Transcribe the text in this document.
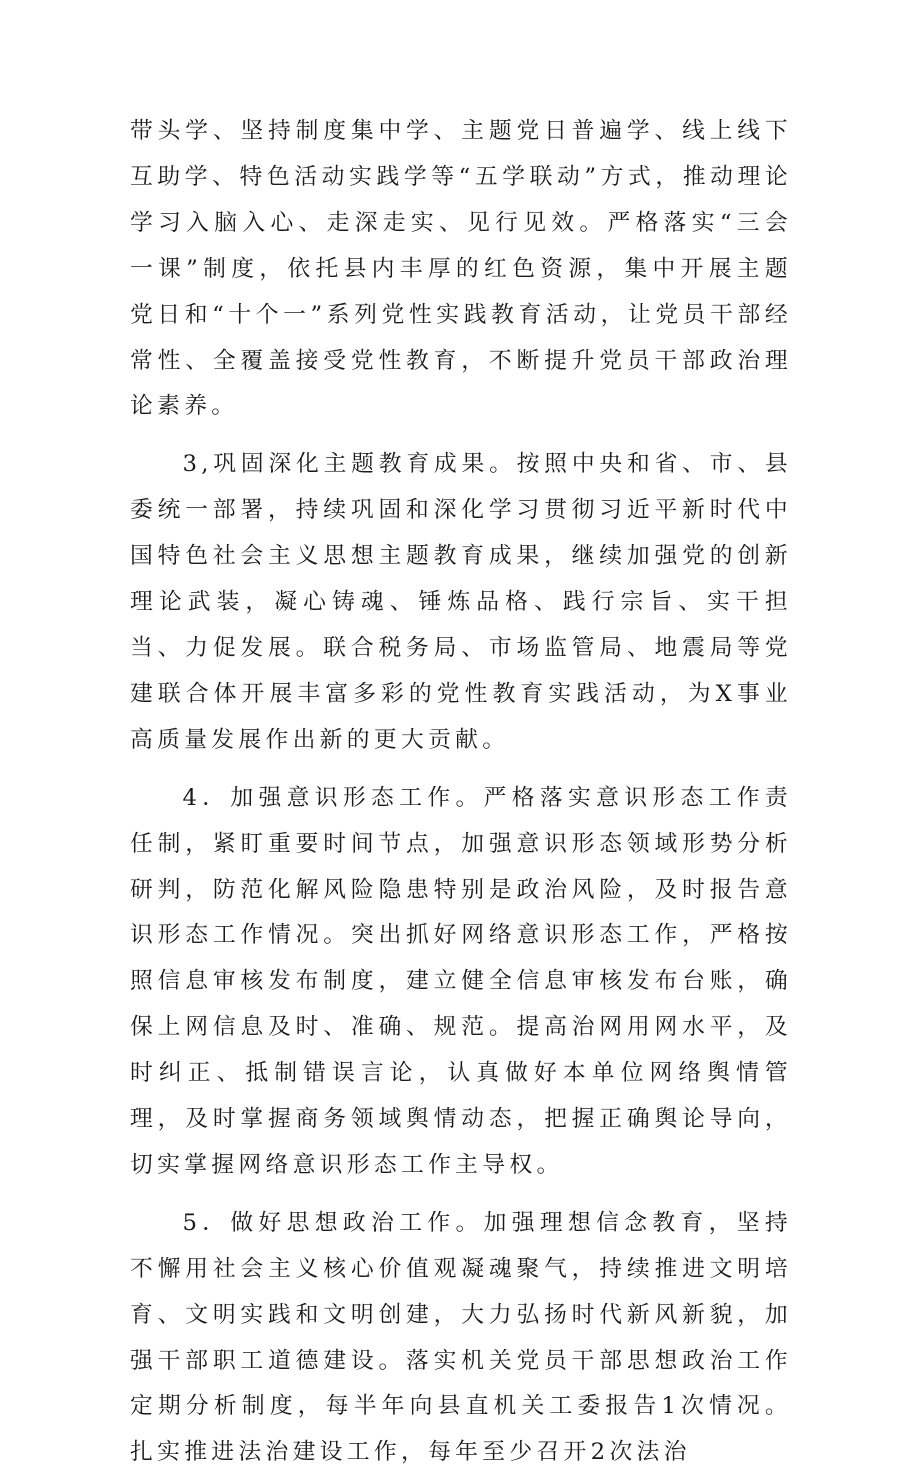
带头学、坚持制度集中学、主题党日普遍学、线上线下互助学、特色活动实践学等“五学联动”方式，推动理论学习入脑入心、走深走实、见行见效。严格落实“三会一课”制度，依托县内丰厚的红色资源，集中开展主题党日和“十个一”系列党性实践教育活动，让党员干部经常性、全覆盖接受党性教育，不断提升党员干部政治理论素养。

3,巩固深化主题教育成果。按照中央和省、市、县委统一部署，持续巩固和深化学习贯彻习近平新时代中国特色社会主义思想主题教育成果，继续加强党的创新理论武装，凝心铸魂、锤炼品格、践行宗旨、实干担当、力促发展。联合税务局、市场监管局、地震局等党建联合体开展丰富多彩的党性教育实践活动，为X事业高质量发展作出新的更大贡献。

4．加强意识形态工作。严格落实意识形态工作责任制，紧盯重要时间节点，加强意识形态领域形势分析研判，防范化解风险隐患特别是政治风险，及时报告意识形态工作情况。突出抓好网络意识形态工作，严格按照信息审核发布制度，建立健全信息审核发布台账，确保上网信息及时、准确、规范。提高治网用网水平，及时纠正、抵制错误言论，认真做好本单位网络舆情管理，及时掌握商务领域舆情动态，把握正确舆论导向，切实掌握网络意识形态工作主导权。

5．做好思想政治工作。加强理想信念教育，坚持不懈用社会主义核心价值观凝魂聚气，持续推进文明培育、文明实践和文明创建，大力弘扬时代新风新貌，加强干部职工道德建设。落实机关党员干部思想政治工作定期分析制度，每半年向县直机关工委报告1次情况。扎实推进法治建设工作，每年至少召开2次法治
